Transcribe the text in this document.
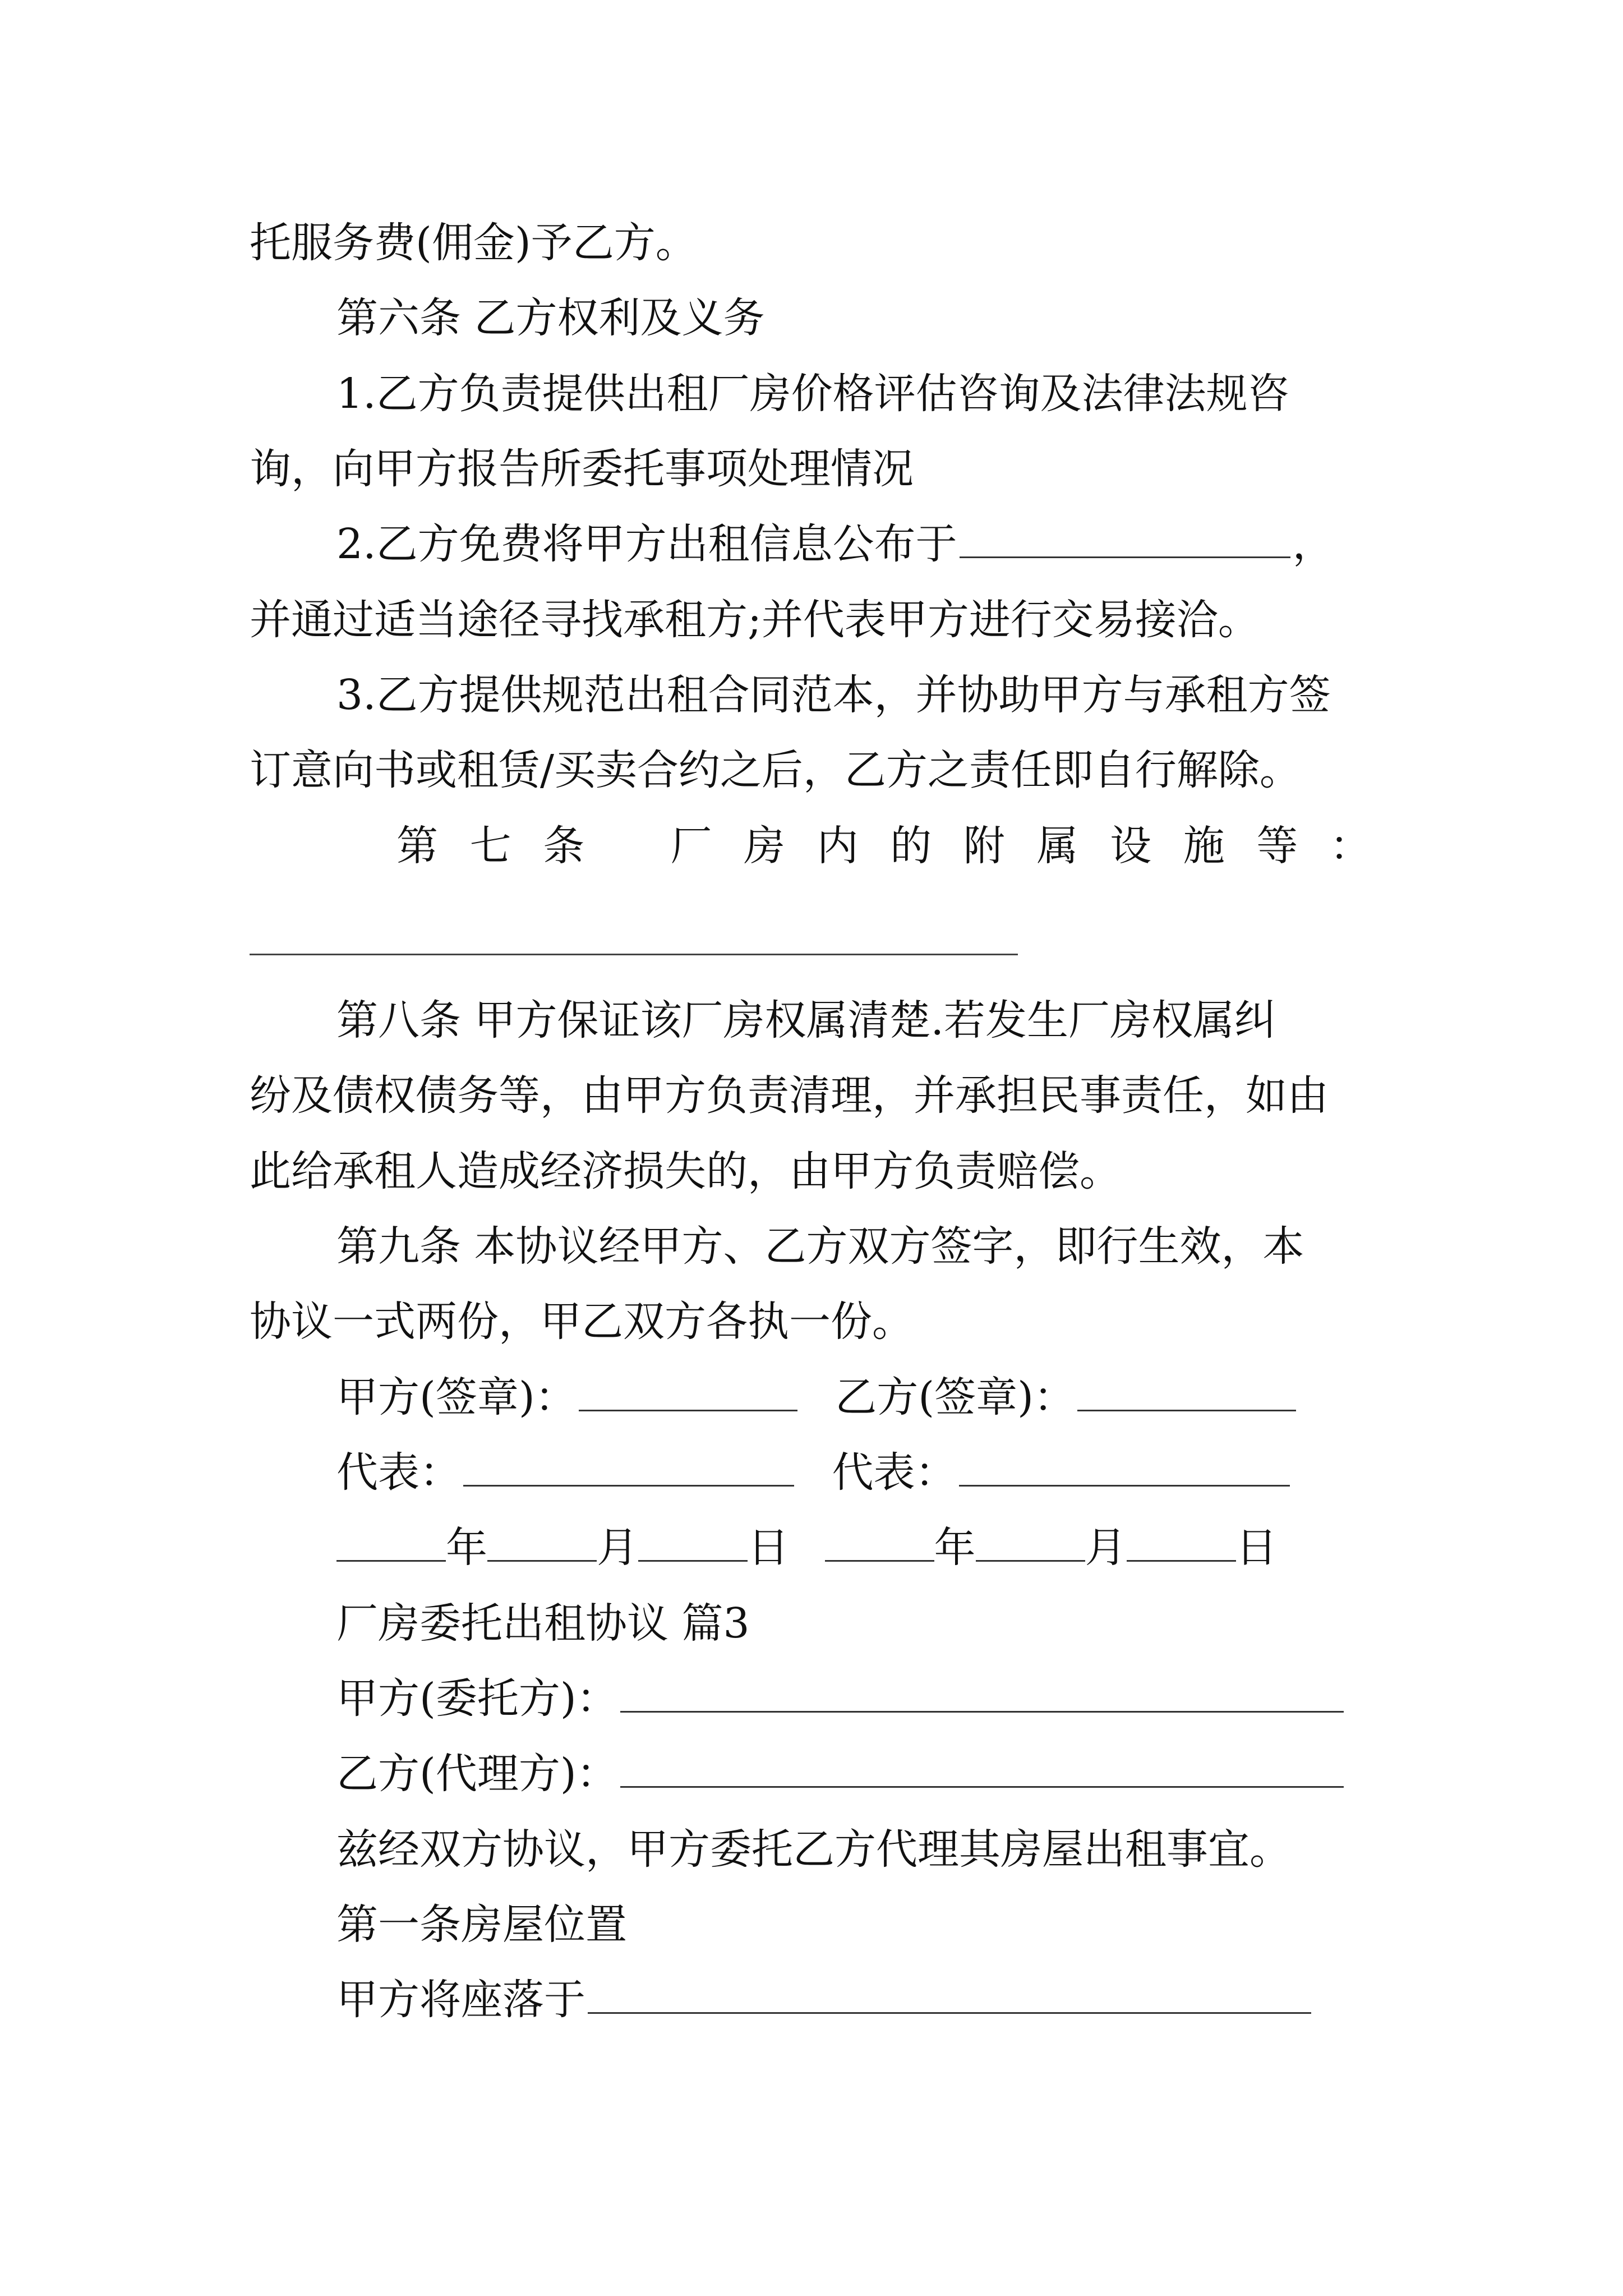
托服务费(佣金)予乙方。
第六条 乙方权利及义务
1.乙方负责提供出租厂房价格评估咨询及法律法规咨
询，向甲方报告所委托事项处理情况
2.乙方免费将甲方出租信息公布于	，
并通过适当途径寻找承租方;并代表甲方进行交易接洽。
3.乙方提供规范出租合同范本，并协助甲方与承租方签
订意向书或租赁/买卖合约之后，乙方之责任即自行解除。
第 七 条 厂 房 内 的 附 属 设 施 等 ：
第八条 甲方保证该厂房权属清楚.若发生厂房权属纠
纷及债权债务等，由甲方负责清理，并承担民事责任，如由
此给承租人造成经济损失的，由甲方负责赔偿。
第九条 本协议经甲方、乙方双方签字，即行生效，本
协议一式两份，甲乙双方各执一份。
甲方(签章)：	乙方(签章)：
代表：	代表：
年	月	日	年	月	日
厂房委托出租协议 篇3
甲方(委托方)：
乙方(代理方)：
兹经双方协议，甲方委托乙方代理其房屋出租事宜。
第一条房屋位置
甲方将座落于
